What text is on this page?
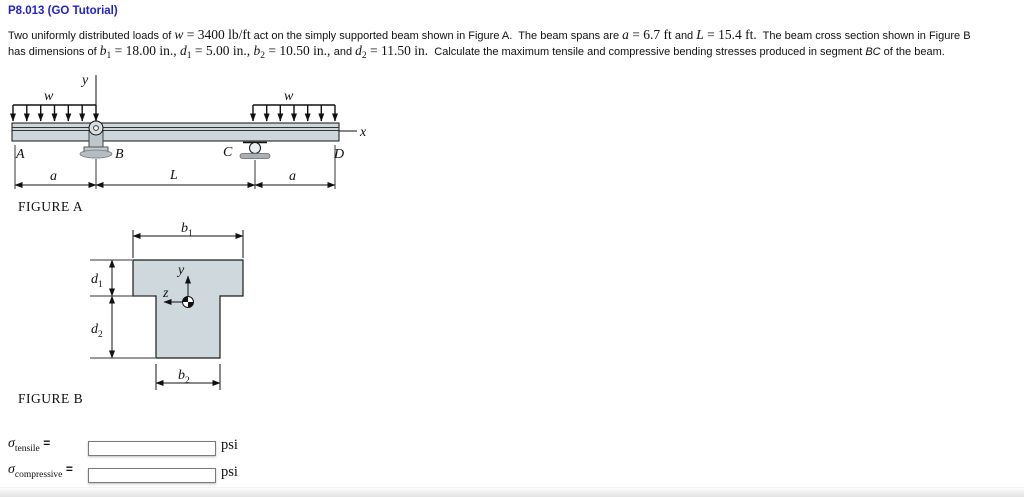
P8.013 (GO Tutorial)
Two uniformly distributed loads of w = 3400 lb/ft act on the simply supported beam shown in Figure A.  The beam spans are a = 6.7 ft and L = 15.4 ft.  The beam cross section shown in Figure B
has dimensions of $b_1 = 18.00$ in., $d_1 = 5.00$ in., $b_2 = 10.50$ in., and $d_2 = 11.50$ in.  Calculate the maximum tensile and compressive bending stresses produced in segment BC of the beam.
y
w	w
x
A	B	C	D
a	L	a
FIGURE A
b 1
d 1
d 2
y
z
b 2
FIGURE B
$\sigma_{tensile}$ =	psi
$\sigma_{compressive}$ =	psi
